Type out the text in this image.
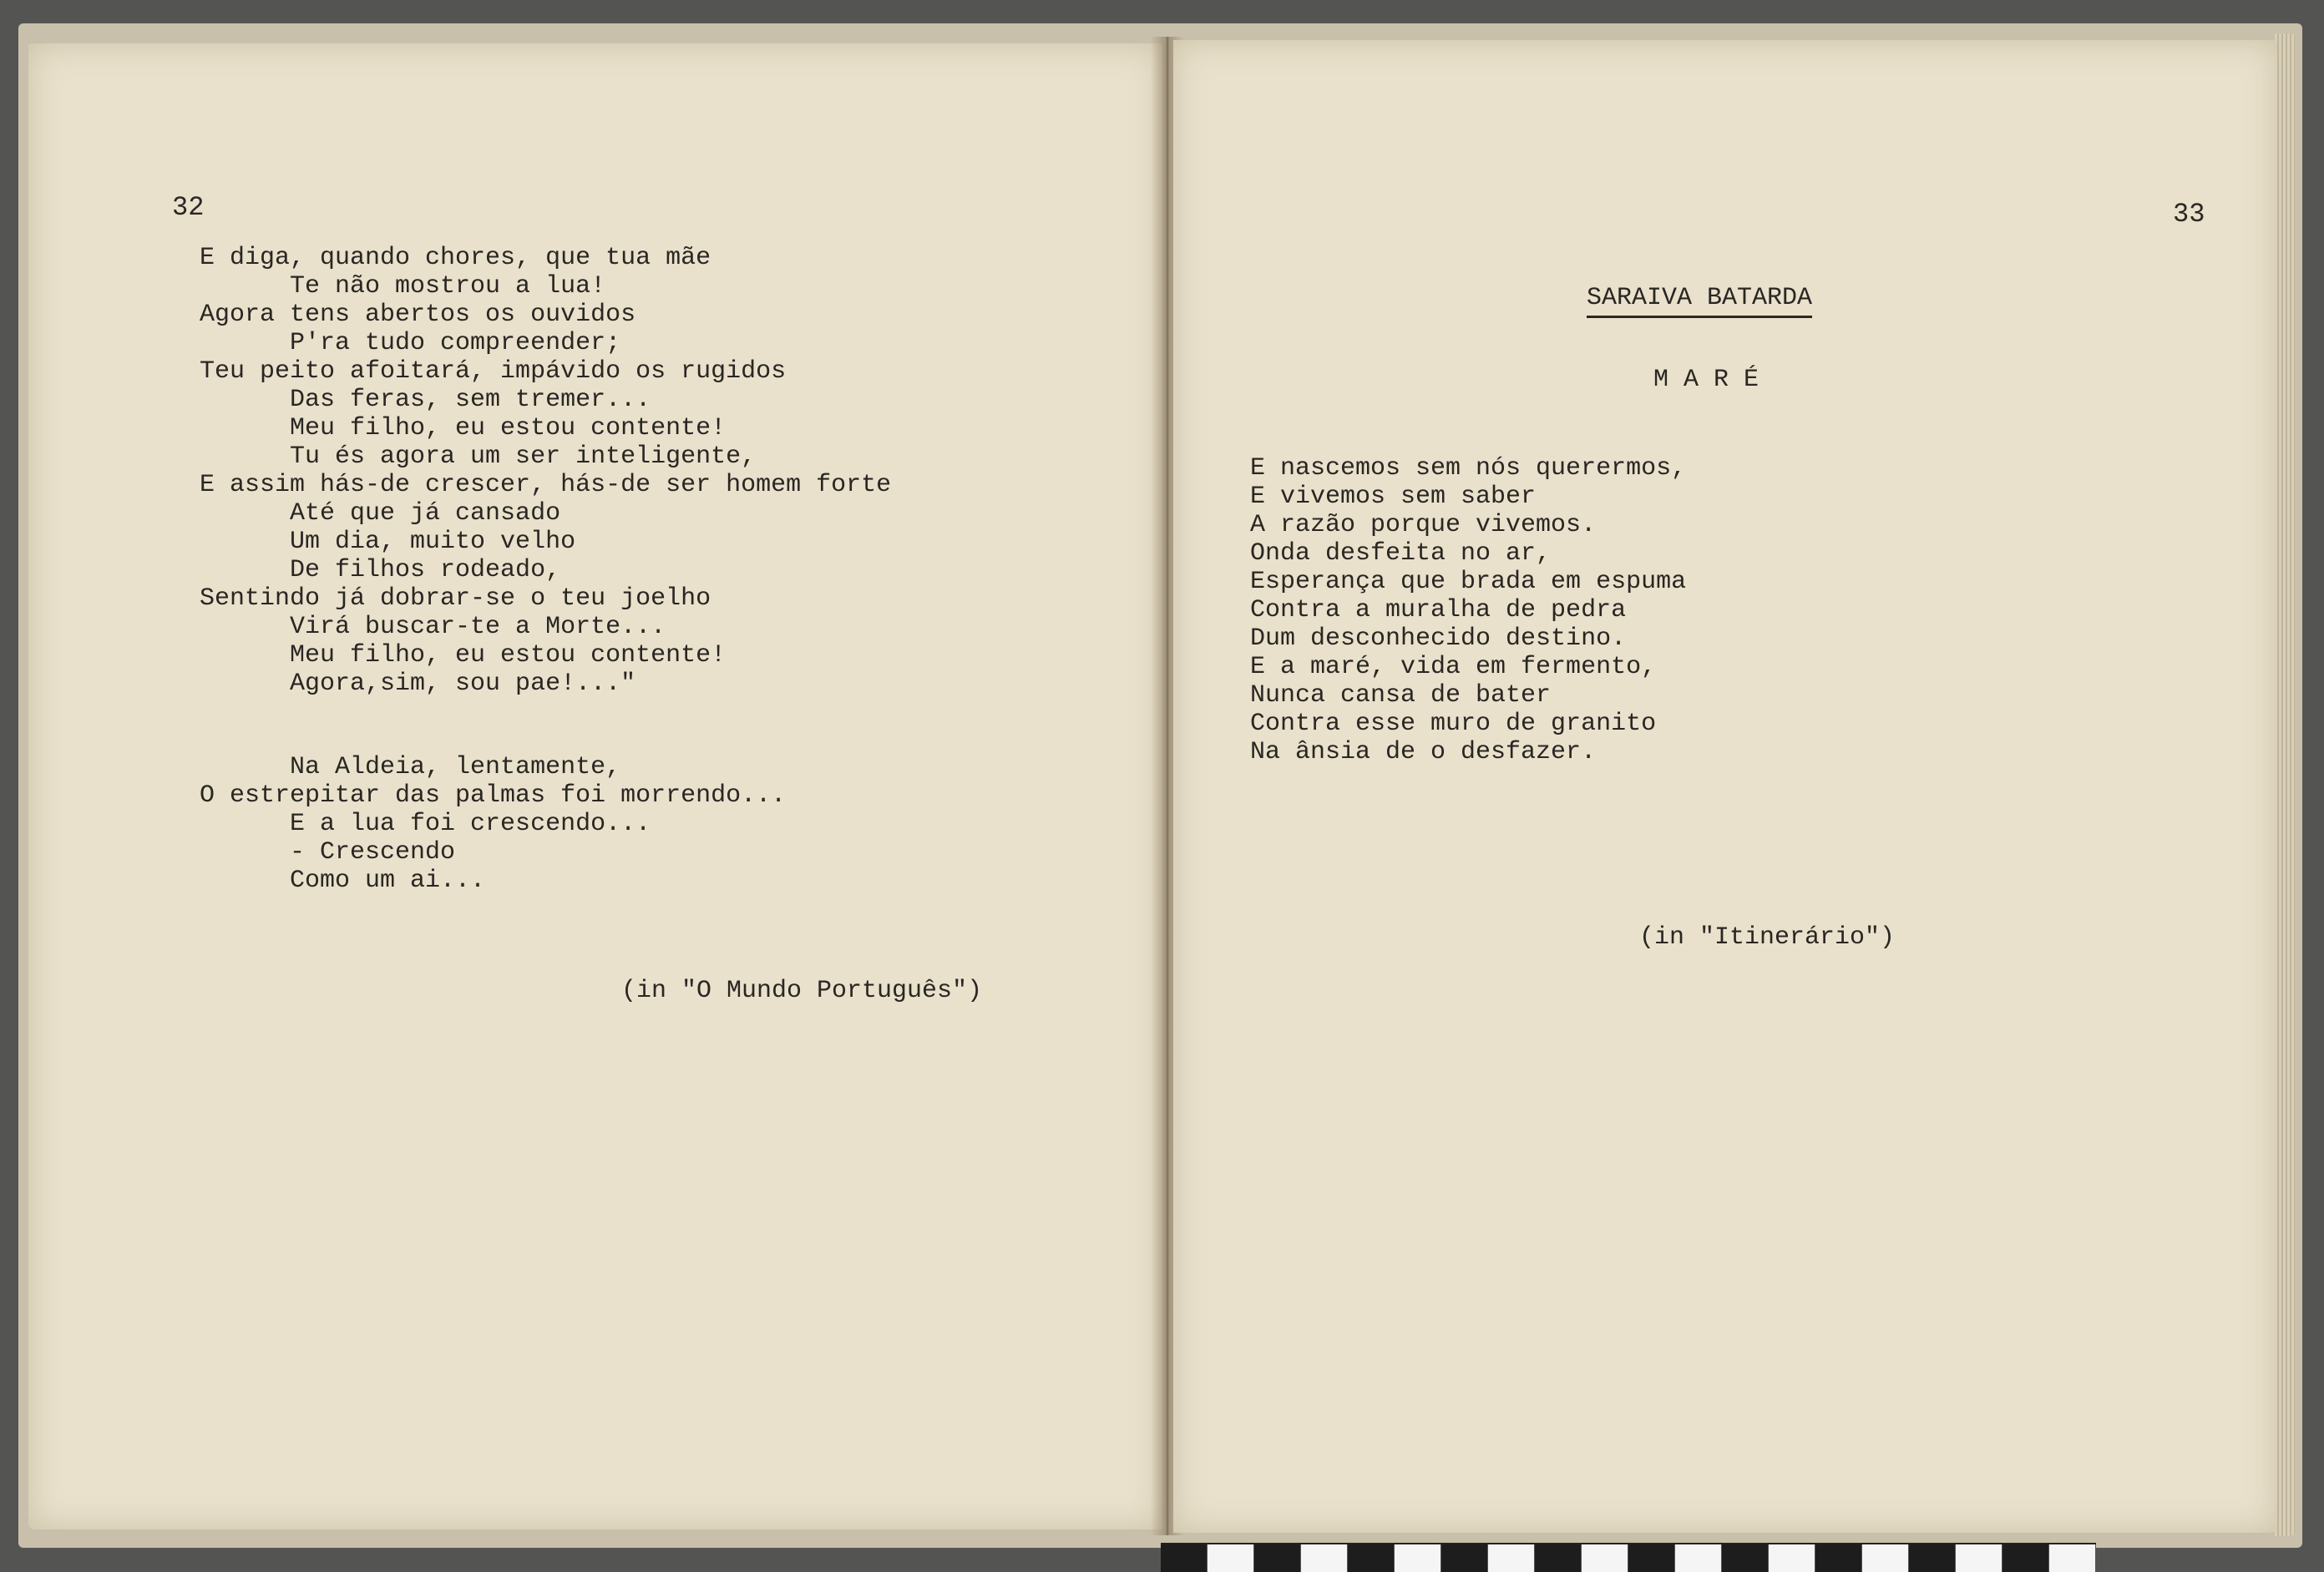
32
E diga, quando chores, que tua mãe
Te não mostrou a lua!
Agora tens abertos os ouvidos
P'ra tudo compreender;
Teu peito afoitará, impávido os rugidos
Das feras, sem tremer...
Meu filho, eu estou contente!
Tu és agora um ser inteligente,
E assim hás-de crescer, hás-de ser homem forte
Até que já cansado
Um dia, muito velho
De filhos rodeado,
Sentindo já dobrar-se o teu joelho
Virá buscar-te a Morte...
Meu filho, eu estou contente!
Agora,sim, sou pae!..."
Na Aldeia, lentamente,
O estrepitar das palmas foi morrendo...
E a lua foi crescendo...
- Crescendo
Como um ai...
(in "O Mundo Português")
33
SARAIVA BATARDA
M A R É
E nascemos sem nós querermos,
E vivemos sem saber
A razão porque vivemos.
Onda desfeita no ar,
Esperança que brada em espuma
Contra a muralha de pedra
Dum desconhecido destino.
E a maré, vida em fermento,
Nunca cansa de bater
Contra esse muro de granito
Na ânsia de o desfazer.
(in "Itinerário")
